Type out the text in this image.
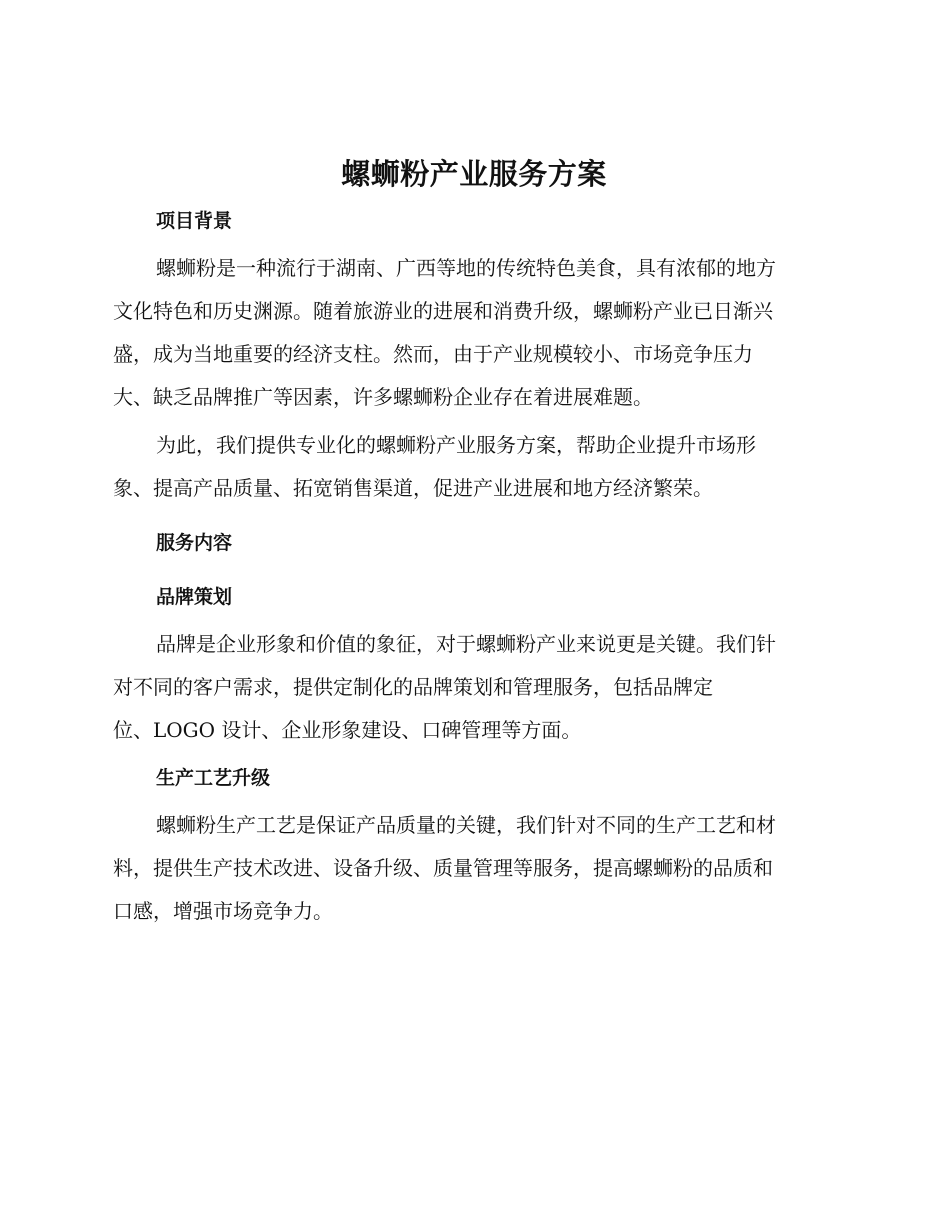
螺蛳粉产业服务方案
项目背景

螺蛳粉是一种流行于湖南、广西等地的传统特色美食，具有浓郁的地方
文化特色和历史渊源。随着旅游业的进展和消费升级，螺蛳粉产业已日渐兴
盛，成为当地重要的经济支柱。然而，由于产业规模较小、市场竞争压力
大、缺乏品牌推广等因素，许多螺蛳粉企业存在着进展难题。

为此，我们提供专业化的螺蛳粉产业服务方案，帮助企业提升市场形
象、提高产品质量、拓宽销售渠道，促进产业进展和地方经济繁荣。

服务内容
品牌策划

品牌是企业形象和价值的象征，对于螺蛳粉产业来说更是关键。我们针
对不同的客户需求，提供定制化的品牌策划和管理服务，包括品牌定
位、LOGO 设计、企业形象建设、口碑管理等方面。

生产工艺升级

螺蛳粉生产工艺是保证产品质量的关键，我们针对不同的生产工艺和材
料，提供生产技术改进、设备升级、质量管理等服务，提高螺蛳粉的品质和
口感，增强市场竞争力。
